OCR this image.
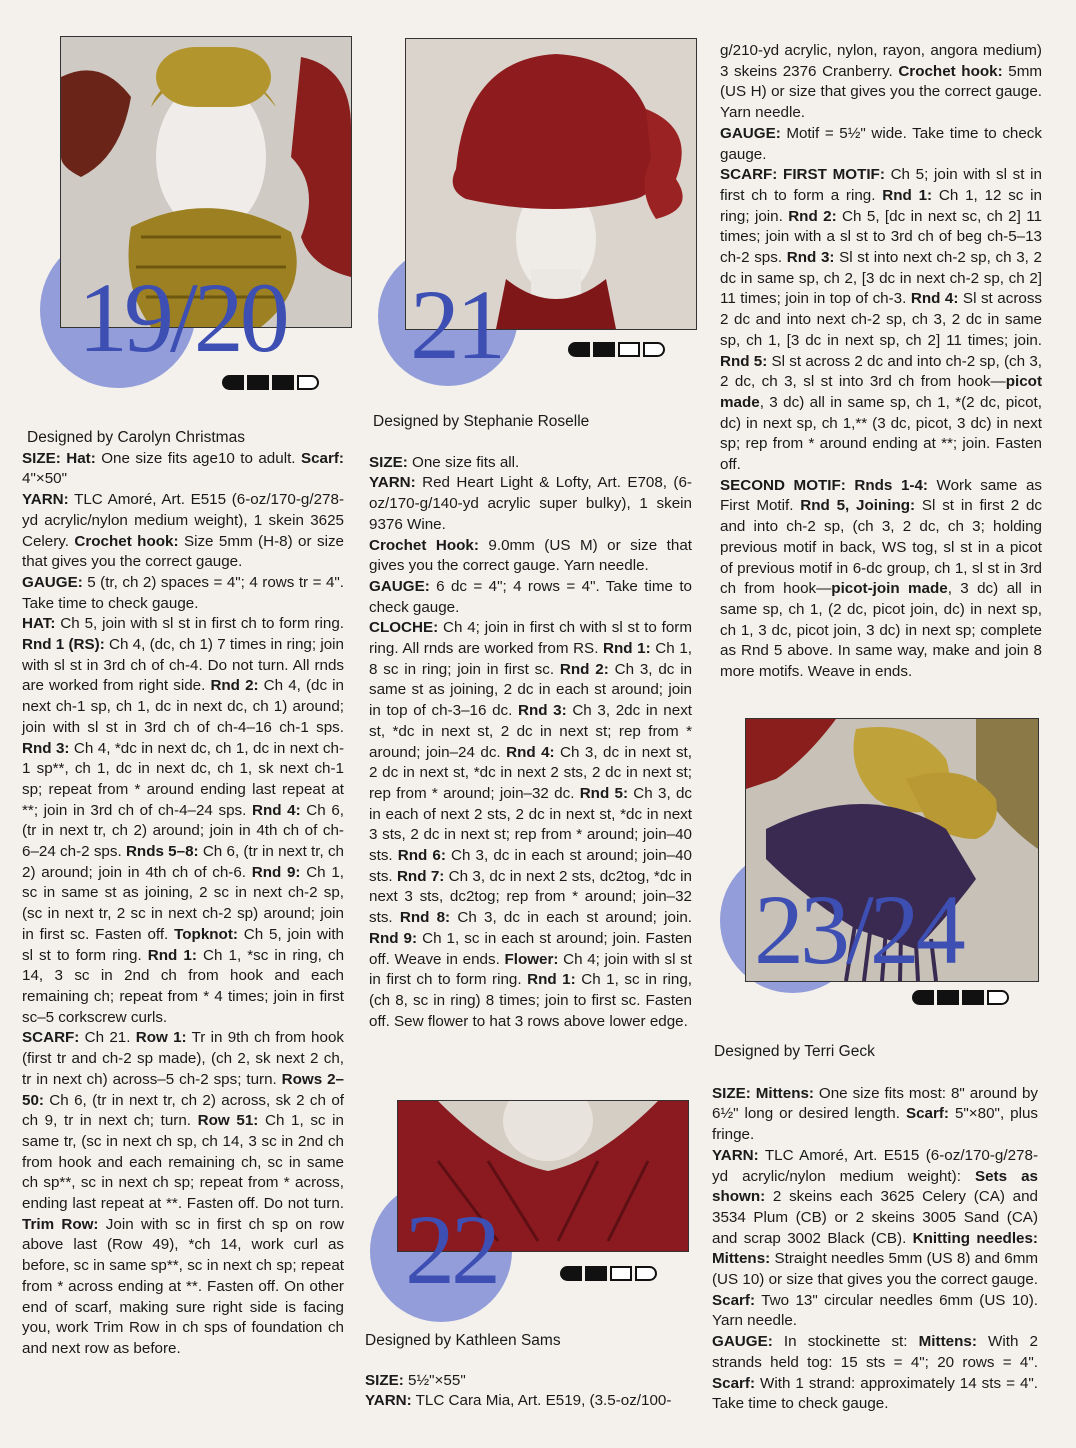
19/20 21
22
23/24

Designed by Carolyn Christmas

SIZE: Hat: One size fits age10 to adult. Scarf: 4"×50"

YARN: TLC Amoré, Art. E515 (6-oz/170-g/278-yd acrylic/nylon medium weight), 1 skein 3625 Celery. Crochet hook: Size 5mm (H-8) or size that gives you the correct gauge.

GAUGE: 5 (tr, ch 2) spaces = 4"; 4 rows tr = 4". Take time to check gauge.

HAT: Ch 5, join with sl st in first ch to form ring. Rnd 1 (RS): Ch 4, (dc, ch 1) 7 times in ring; join with sl st in 3rd ch of ch-4. Do not turn. All rnds are worked from right side. Rnd 2: Ch 4, (dc in next ch-1 sp, ch 1, dc in next dc, ch 1) around; join with sl st in 3rd ch of ch-4–16 ch-1 sps. Rnd 3: Ch 4, *dc in next dc, ch 1, dc in next ch-1 sp**, ch 1, dc in next dc, ch 1, sk next ch-1 sp; repeat from * around ending last repeat at **; join in 3rd ch of ch-4–24 sps. Rnd 4: Ch 6, (tr in next tr, ch 2) around; join in 4th ch of ch-6–24 ch-2 sps. Rnds 5–8: Ch 6, (tr in next tr, ch 2) around; join in 4th ch of ch-6. Rnd 9: Ch 1, sc in same st as joining, 2 sc in next ch-2 sp, (sc in next tr, 2 sc in next ch-2 sp) around; join in first sc. Fasten off. Topknot: Ch 5, join with sl st to form ring. Rnd 1: Ch 1, *sc in ring, ch 14, 3 sc in 2nd ch from hook and each remaining ch; repeat from * 4 times; join in first sc–5 corkscrew curls.

SCARF: Ch 21. Row 1: Tr in 9th ch from hook (first tr and ch-2 sp made), (ch 2, sk next 2 ch, tr in next ch) across–5 ch-2 sps; turn. Rows 2–50: Ch 6, (tr in next tr, ch 2) across, sk 2 ch of ch 9, tr in next ch; turn. Row 51: Ch 1, sc in same tr, (sc in next ch sp, ch 14, 3 sc in 2nd ch from hook and each remaining ch, sc in same ch sp**, sc in next ch sp; repeat from * across, ending last repeat at **. Fasten off. Do not turn. Trim Row: Join with sc in first ch sp on row above last (Row 49), *ch 14, work curl as before, sc in same sp**, sc in next ch sp; repeat from * across ending at **. Fasten off. On other end of scarf, making sure right side is facing you, work Trim Row in ch sps of foundation ch and next row as before.

Designed by Stephanie Roselle

SIZE: One size fits all.

YARN: Red Heart Light & Lofty, Art. E708, (6-oz/170-g/140-yd acrylic super bulky), 1 skein 9376 Wine.

Crochet Hook: 9.0mm (US M) or size that gives you the correct gauge. Yarn needle.

GAUGE: 6 dc = 4"; 4 rows = 4". Take time to check gauge.

CLOCHE: Ch 4; join in first ch with sl st to form ring. All rnds are worked from RS. Rnd 1: Ch 1, 8 sc in ring; join in first sc. Rnd 2: Ch 3, dc in same st as joining, 2 dc in each st around; join in top of ch-3–16 dc. Rnd 3: Ch 3, 2dc in next st, *dc in next st, 2 dc in next st; rep from * around; join–24 dc. Rnd 4: Ch 3, dc in next st, 2 dc in next st, *dc in next 2 sts, 2 dc in next st; rep from * around; join–32 dc. Rnd 5: Ch 3, dc in each of next 2 sts, 2 dc in next st, *dc in next 3 sts, 2 dc in next st; rep from * around; join–40 sts. Rnd 6: Ch 3, dc in each st around; join–40 sts. Rnd 7: Ch 3, dc in next 2 sts, dc2tog, *dc in next 3 sts, dc2tog; rep from * around; join–32 sts. Rnd 8: Ch 3, dc in each st around; join. Rnd 9: Ch 1, sc in each st around; join. Fasten off. Weave in ends. Flower: Ch 4; join with sl st in first ch to form ring. Rnd 1: Ch 1, sc in ring, (ch 8, sc in ring) 8 times; join to first sc. Fasten off. Sew flower to hat 3 rows above lower edge.

Designed by Kathleen Sams

SIZE: 5½"×55"

YARN: TLC Cara Mia, Art. E519, (3.5-oz/100-

g/210-yd acrylic, nylon, rayon, angora medium) 3 skeins 2376 Cranberry. Crochet hook: 5mm (US H) or size that gives you the correct gauge. Yarn needle.

GAUGE: Motif = 5½" wide. Take time to check gauge.

SCARF: FIRST MOTIF: Ch 5; join with sl st in first ch to form a ring. Rnd 1: Ch 1, 12 sc in ring; join. Rnd 2: Ch 5, [dc in next sc, ch 2] 11 times; join with a sl st to 3rd ch of beg ch-5–13 ch-2 sps. Rnd 3: Sl st into next ch-2 sp, ch 3, 2 dc in same sp, ch 2, [3 dc in next ch-2 sp, ch 2] 11 times; join in top of ch-3. Rnd 4: Sl st across 2 dc and into next ch-2 sp, ch 3, 2 dc in same sp, ch 1, [3 dc in next sp, ch 2] 11 times; join. Rnd 5: Sl st across 2 dc and into ch-2 sp, (ch 3, 2 dc, ch 3, sl st into 3rd ch from hook—picot made, 3 dc) all in same sp, ch 1, *(2 dc, picot, dc) in next sp, ch 1,** (3 dc, picot, 3 dc) in next sp; rep from * around ending at **; join. Fasten off.

SECOND MOTIF: Rnds 1-4: Work same as First Motif. Rnd 5, Joining: Sl st in first 2 dc and into ch-2 sp, (ch 3, 2 dc, ch 3; holding previous motif in back, WS tog, sl st in a picot of previous motif in 6-dc group, ch 1, sl st in 3rd ch from hook—picot-join made, 3 dc) all in same sp, ch 1, (2 dc, picot join, dc) in next sp, ch 1, 3 dc, picot join, 3 dc) in next sp; complete as Rnd 5 above. In same way, make and join 8 more motifs. Weave in ends.

Designed by Terri Geck

SIZE: Mittens: One size fits most: 8" around by 6½" long or desired length. Scarf: 5"×80", plus fringe.

YARN: TLC Amoré, Art. E515 (6-oz/170-g/278-yd acrylic/nylon medium weight): Sets as shown: 2 skeins each 3625 Celery (CA) and 3534 Plum (CB) or 2 skeins 3005 Sand (CA) and scrap 3002 Black (CB). Knitting needles: Mittens: Straight needles 5mm (US 8) and 6mm (US 10) or size that gives you the correct gauge. Scarf: Two 13" circular needles 6mm (US 10). Yarn needle.

GAUGE: In stockinette st: Mittens: With 2 strands held tog: 15 sts = 4"; 20 rows = 4". Scarf: With 1 strand: approximately 14 sts = 4". Take time to check gauge.
